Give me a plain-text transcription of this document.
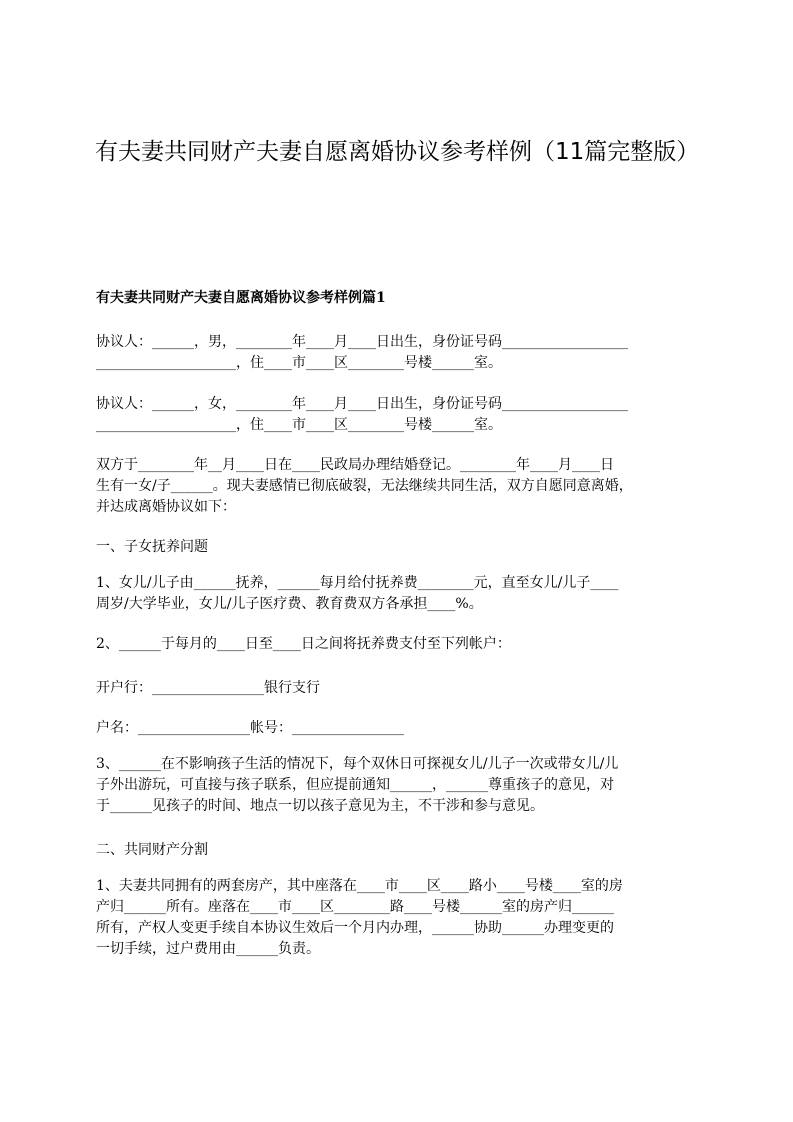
有夫妻共同财产夫妻自愿离婚协议参考样例（11篇完整版）
有夫妻共同财产夫妻自愿离婚协议参考样例篇1
协议人：______，男，________年____月____日出生，身份证号码__________________
____________________，住____市____区________号楼______室。
协议人：______，女，________年____月____日出生，身份证号码__________________
____________________，住____市____区________号楼______室。
双方于________年__月____日在____民政局办理结婚登记。________年____月____日
生有一女/子______。现夫妻感情已彻底破裂，无法继续共同生活，双方自愿同意离婚，
并达成离婚协议如下：
一、子女抚养问题
1、女儿/儿子由______抚养，______每月给付抚养费________元，直至女儿/儿子____
周岁/大学毕业，女儿/儿子医疗费、教育费双方各承担____%。
2、______于每月的____日至____日之间将抚养费支付至下列帐户：
开户行：________________银行支行
户名：________________帐号：________________
3、______在不影响孩子生活的情况下，每个双休日可探视女儿/儿子一次或带女儿/儿
子外出游玩，可直接与孩子联系，但应提前通知______，______尊重孩子的意见，对
于______见孩子的时间、地点一切以孩子意见为主，不干涉和参与意见。
二、共同财产分割
1、夫妻共同拥有的两套房产，其中座落在____市____区____路小____号楼____室的房
产归______所有。座落在____市____区________路____号楼______室的房产归______
所有，产权人变更手续自本协议生效后一个月内办理，______协助______办理变更的
一切手续，过户费用由______负责。
